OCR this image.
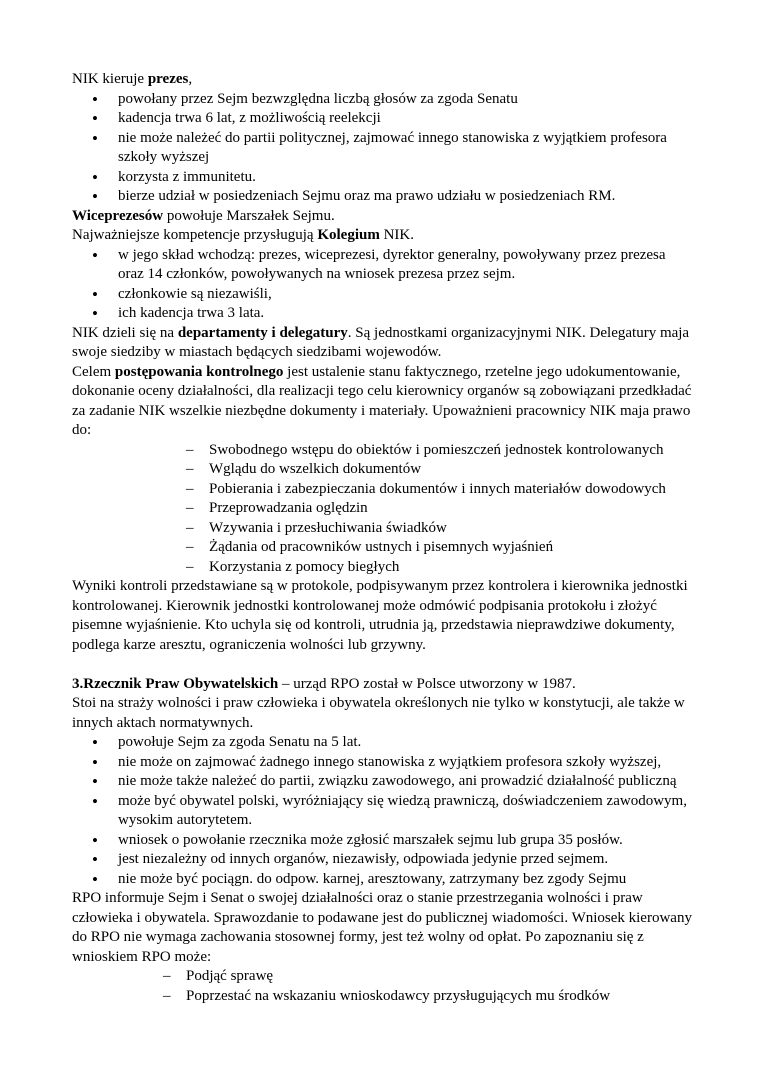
NIK kieruje prezes,

• powołany przez Sejm bezwzględna liczbą głosów za zgoda Senatu
• kadencja trwa 6 lat, z możliwością reelekcji
• nie może należeć do partii politycznej, zajmować innego stanowiska z wyjątkiem profesora szkoły wyższej
• korzysta z immunitetu.
• bierze udział w posiedzeniach Sejmu oraz ma prawo udziału w posiedzeniach RM.

Wiceprezesów powołuje Marszałek Sejmu.

Najważniejsze kompetencje przysługują Kolegium NIK.

• w jego skład wchodzą: prezes, wiceprezesi, dyrektor generalny, powoływany przez prezesa oraz 14 członków, powoływanych na wniosek prezesa przez sejm.
• członkowie są niezawiśli,
• ich kadencja trwa 3 lata.

NIK dzieli się na departamenty i delegatury. Są jednostkami organizacyjnymi NIK. Delegatury maja swoje siedziby w miastach będących siedzibami wojewodów.

Celem postępowania kontrolnego jest ustalenie stanu faktycznego, rzetelne jego udokumentowanie, dokonanie oceny działalności, dla realizacji tego celu kierownicy organów są zobowiązani przedkładać za zadanie NIK wszelkie niezbędne dokumenty i materiały. Upoważnieni pracownicy NIK maja prawo do:

– Swobodnego wstępu do obiektów i pomieszczeń jednostek kontrolowanych
– Wglądu do wszelkich dokumentów
– Pobierania i zabezpieczania dokumentów i innych materiałów dowodowych
– Przeprowadzania oględzin
– Wzywania i przesłuchiwania świadków
– Żądania od pracowników ustnych i pisemnych wyjaśnień
– Korzystania z pomocy biegłych

Wyniki kontroli przedstawiane są w protokole, podpisywanym przez kontrolera i kierownika jednostki kontrolowanej. Kierownik jednostki kontrolowanej może odmówić podpisania protokołu i złożyć pisemne wyjaśnienie. Kto uchyla się od kontroli, utrudnia ją, przedstawia nieprawdziwe dokumenty, podlega karze aresztu, ograniczenia wolności lub grzywny.

3.Rzecznik Praw Obywatelskich – urząd RPO został w Polsce utworzony w 1987.

Stoi na straży wolności i praw człowieka i obywatela określonych nie tylko w konstytucji, ale także w innych aktach normatywnych.

• powołuje Sejm za zgoda Senatu na 5 lat.
• nie może on zajmować żadnego innego stanowiska z wyjątkiem profesora szkoły wyższej,
• nie może także należeć do partii, związku zawodowego, ani prowadzić działalność publiczną
• może być obywatel polski, wyróżniający się wiedzą prawniczą, doświadczeniem zawodowym, wysokim autorytetem.
• wniosek o powołanie rzecznika może zgłosić marszałek sejmu lub grupa 35 posłów.
• jest niezależny od innych organów, niezawisły, odpowiada jedynie przed sejmem.
• nie może być pociągn. do odpow. karnej, aresztowany, zatrzymany bez zgody Sejmu

RPO informuje Sejm i Senat o swojej działalności oraz o stanie przestrzegania wolności i praw człowieka i obywatela. Sprawozdanie to podawane jest do publicznej wiadomości. Wniosek kierowany do RPO nie wymaga zachowania stosownej formy, jest też wolny od opłat. Po zapoznaniu się z wnioskiem RPO może:

– Podjąć sprawę
– Poprzestać na wskazaniu wnioskodawcy przysługujących mu środków
